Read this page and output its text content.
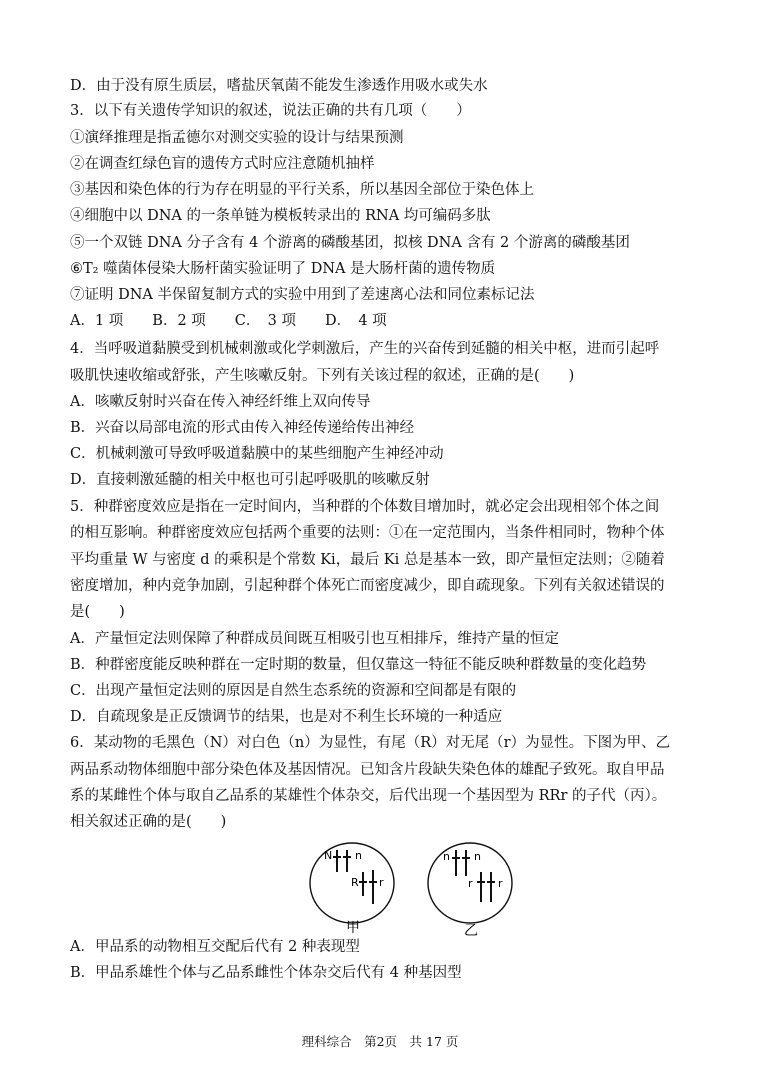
D．由于没有原生质层，嗜盐厌氧菌不能发生渗透作用吸水或失水
3．以下有关遗传学知识的叙述，说法正确的共有几项（　　）
①演绎推理是指孟德尔对测交实验的设计与结果预测
②在调查红绿色盲的遗传方式时应注意随机抽样
③基因和染色体的行为存在明显的平行关系，所以基因全部位于染色体上
④细胞中以 DNA 的一条单链为模板转录出的 RNA 均可编码多肽
⑤一个双链 DNA 分子含有 4 个游离的磷酸基团，拟核 DNA 含有 2 个游离的磷酸基团
⑥T₂ 噬菌体侵染大肠杆菌实验证明了 DNA 是大肠杆菌的遗传物质
⑦证明 DNA 半保留复制方式的实验中用到了差速离心法和同位素标记法
A．1 项　　B．2 项　　C．　3 项　　D．　4 项
4．当呼吸道黏膜受到机械刺激或化学刺激后，产生的兴奋传到延髓的相关中枢，进而引起呼
吸肌快速收缩或舒张，产生咳嗽反射。下列有关该过程的叙述，正确的是(　　)
A．咳嗽反射时兴奋在传入神经纤维上双向传导
B．兴奋以局部电流的形式由传入神经传递给传出神经
C．机械刺激可导致呼吸道黏膜中的某些细胞产生神经冲动
D．直接刺激延髓的相关中枢也可引起呼吸肌的咳嗽反射
5．种群密度效应是指在一定时间内，当种群的个体数目增加时，就必定会出现相邻个体之间
的相互影响。种群密度效应包括两个重要的法则：①在一定范围内，当条件相同时，物种个体
平均重量 W 与密度 d 的乘积是个常数 Ki，最后 Ki 总是基本一致，即产量恒定法则；②随着
密度增加，种内竞争加剧，引起种群个体死亡而密度减少，即自疏现象。下列有关叙述错误的
是(　　)
A．产量恒定法则保障了种群成员间既互相吸引也互相排斥，维持产量的恒定
B．种群密度能反映种群在一定时期的数量，但仅靠这一特征不能反映种群数量的变化趋势
C．出现产量恒定法则的原因是自然生态系统的资源和空间都是有限的
D．自疏现象是正反馈调节的结果，也是对不利生长环境的一种适应
6．某动物的毛黑色（N）对白色（n）为显性，有尾（R）对无尾（r）为显性。下图为甲、乙
两品系动物体细胞中部分染色体及基因情况。已知含片段缺失染色体的雄配子致死。取自甲品
系的某雌性个体与取自乙品系的某雄性个体杂交，后代出现一个基因型为 RRr 的子代（丙）。
相关叙述正确的是(　　)
N n
R r
甲
n n
r r
乙
A．甲品系的动物相互交配后代有 2 种表现型
B．甲品系雄性个体与乙品系雌性个体杂交后代有 4 种基因型
理科综合　第2页　共 17 页
